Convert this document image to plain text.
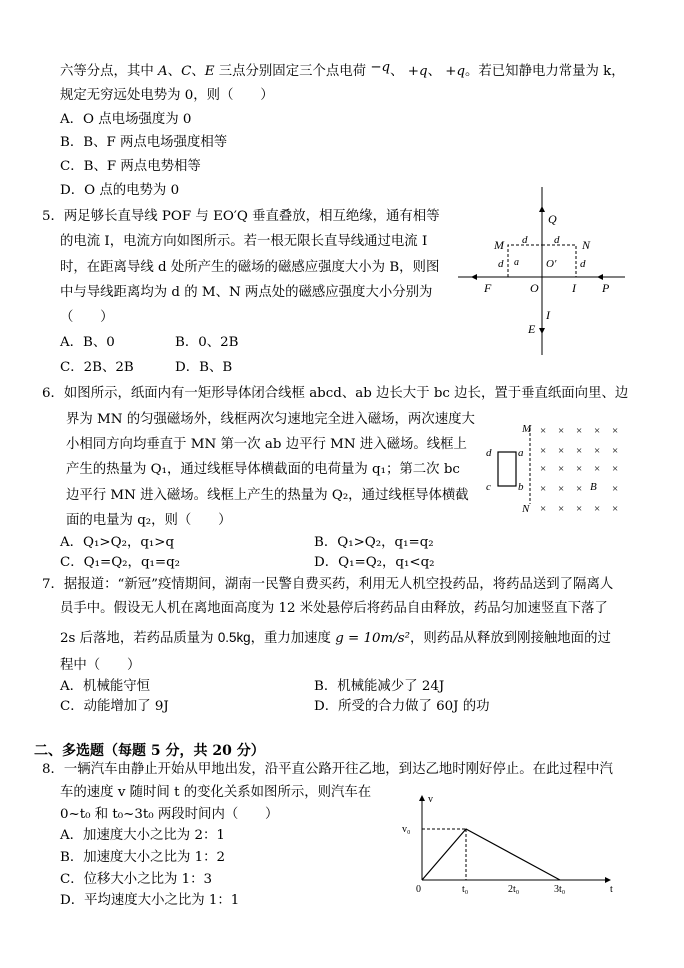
六等分点，其中 A、C、E 三点分别固定三个点电荷 −q、 +q、 +q。若已知静电力常量为 k，
规定无穷远处电势为 0，则（　　）
A．O 点电场强度为 0
B．B、F 两点电场强度相等
C．B、F 两点电势相等
D．O 点的电势为 0
5．两足够长直导线 POF 与 EO′Q 垂直叠放，相互绝缘，通有相等
的电流 I，电流方向如图所示。若一根无限长直导线通过电流 I
时，在距离导线 d 处所产生的磁场的磁感应强度大小为 B，则图
中与导线距离均为 d 的 M、N 两点处的磁感应强度大小分别为
（　　）
A．B、0	B．0、2B
C．2B、2B	D．B、B
Q
M d d N
d a O′ d
F	O	I P
I
E
6．如图所示，纸面内有一矩形导体闭合线框 abcd、ab 边长大于 bc 边长，置于垂直纸面向里、边
界为 MN 的匀强磁场外，线框两次匀速地完全进入磁场，两次速度大
小相同方向均垂直于 MN 第一次 ab 边平行 MN 进入磁场。线框上
产生的热量为 Q₁，通过线框导体横截面的电荷量为 q₁；第二次 bc
边平行 MN 进入磁场。线框上产生的热量为 Q₂，通过线框导体横截
面的电量为 q₂，则（　　）
A．Q₁>Q₂，q₁>q	B．Q₁>Q₂，q₁=q₂
C．Q₁=Q₂，q₁=q₂	D．Q₁=Q₂，q₁<q₂
M
N
d a
c b	B
× × × × ×
× × × × ×
× × × × ×
× × ×	×
× × × × ×
7．据报道：“新冠”疫情期间，湖南一民警自费买药，利用无人机空投药品，将药品送到了隔离人
员手中。假设无人机在离地面高度为 12 米处悬停后将药品自由释放，药品匀加速竖直下落了
2s 后落地，若药品质量为 0.5kg，重力加速度 g = 10m/s²，则药品从释放到刚接触地面的过
程中（　　）
A．机械能守恒	B．机械能减少了 24J
C．动能增加了 9J	D．所受的合力做了 60J 的功
二、多选题（每题 5 分，共 20 分）
8．一辆汽车由静止开始从甲地出发，沿平直公路开往乙地，到达乙地时刚好停止。在此过程中汽
车的速度 v 随时间 t 的变化关系如图所示，则汽车在
0~t₀ 和 t₀~3t₀ 两段时间内（　　）
A．加速度大小之比为 2：1
B．加速度大小之比为 1：2
C．位移大小之比为 1：3
D．平均速度大小之比为 1：1
v
v₀
0	t₀	2t₀	3t₀	t
